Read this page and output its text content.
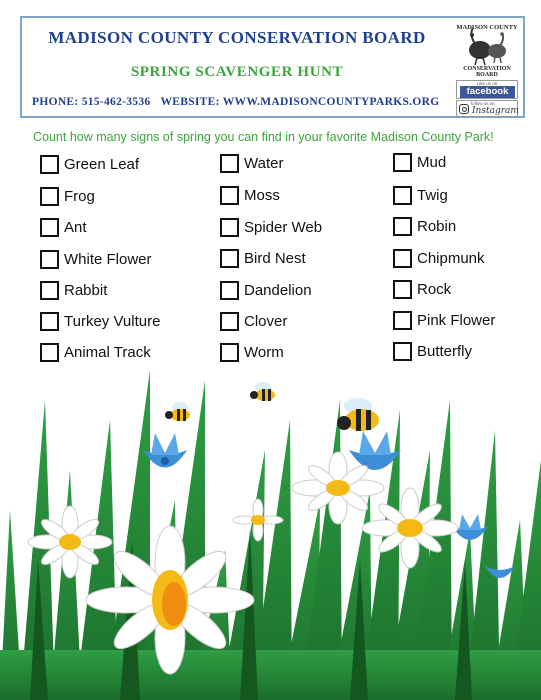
MADISON COUNTY CONSERVATION BOARD
SPRING SCAVENGER HUNT
PHONE: 515-462-3536 WEBSITE: WWW.MADISONCOUNTYPARKS.ORG
MADISON COUNTY
CONSERVATION BOARD
Like us on
facebook
follow us on
Instagram
Count how many signs of spring you can find in your favorite Madison County Park!
Green Leaf
Frog
Ant
White Flower
Rabbit
Turkey Vulture
Animal Track
Water
Moss
Spider Web
Bird Nest
Dandelion
Clover
Worm
Mud
Twig
Robin
Chipmunk
Rock
Pink Flower
Butterfly
